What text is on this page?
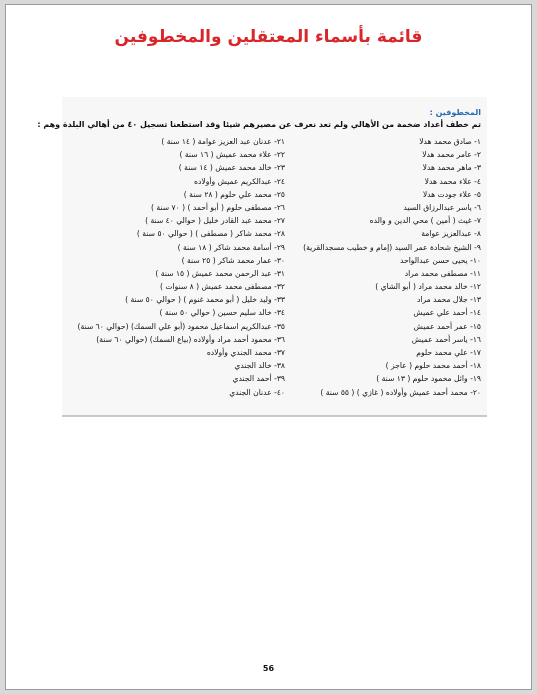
قائمة بأسماء المعتقلين والمخطوفين
المخطوفين :
تم خطف أعداد ضخمة من الأهالي ولم تعد نعرف عن مصيرهم شيئا وقد استطعنا تسجيل ٤٠ من أهالي البلدة وهم :
١- صادق محمد هدلا
٢- عامر محمد هدلا
٣- ماهر محمد هدلا
٤- علاء محمد هدلا
٥- علاء جودت هدلا
٦- ياسر عبدالرزاق السيد
٧- غيث ( أمين ) محي الدين و والده
٨- عبدالعزيز عوامة
٩- الشيخ شحادة عمر السيد (إمام و خطيب مسجدالقرية)
١٠- يحيى حسن عبدالواحد
١١- مصطفى محمد مراد
١٢- خالد محمد مراد ( أبو الشاي )
١٣- جلال محمد مراد
١٤- أحمد علي عميش
١٥- عمر أحمد عميش
١٦- ياسر أحمد عميش
١٧- علي محمد حلوم
١٨- أحمد محمد حلوم ( عاجز )
١٩- وائل محمود حلوم ( ١٣ سنة )
٢٠- محمد أحمد عميش وأولاده ( غازي ) ( ٥٥ سنة )
٢١- عدنان عبد العزيز عوامة ( ١٤ سنة )
٢٢- علاء محمد عميش ( ١٦ سنة )
٢٣- خالد محمد عميش ( ١٤ سنة )
٢٤- عبدالكريم عميش وأولاده
٢٥- محمد علي حلوم ( ٢٨ سنة )
٢٦- مصطفى حلوم ( أبو أحمد ) ( ٧٠ سنة )
٢٧- محمد عبد القادر خليل ( حوالي ٤٠ سنة )
٢٨- محمد شاكر ( مصطفى ) ( حوالي ٥٠ سنة )
٢٩- أسامة محمد شاكر ( ١٨ سنة )
٣٠- عمار محمد شاكر ( ٢٥ سنة )
٣١- عبد الرحمن محمد عميش ( ١٥ سنة )
٣٢- مصطفى محمد عميش ( ٨ سنوات )
٣٣- وليد خليل ( أبو محمد غنوم ) ( حوالي ٥٠ سنة )
٣٤- خالد سليم حسين ( حوالي ٥٠ سنة )
٣٥- عبدالكريم اسماعيل محمود (أبو علي السمك) (حوالي ٦٠ سنة)
٣٦- محمود أحمد مراد وأولاده (بياع السمك) (حوالي ٦٠ سنة)
٣٧- محمد الجندي وأولاده
٣٨- خالد الجندي
٣٩- أحمد الجندي
٤٠- عدنان الجندي
56
